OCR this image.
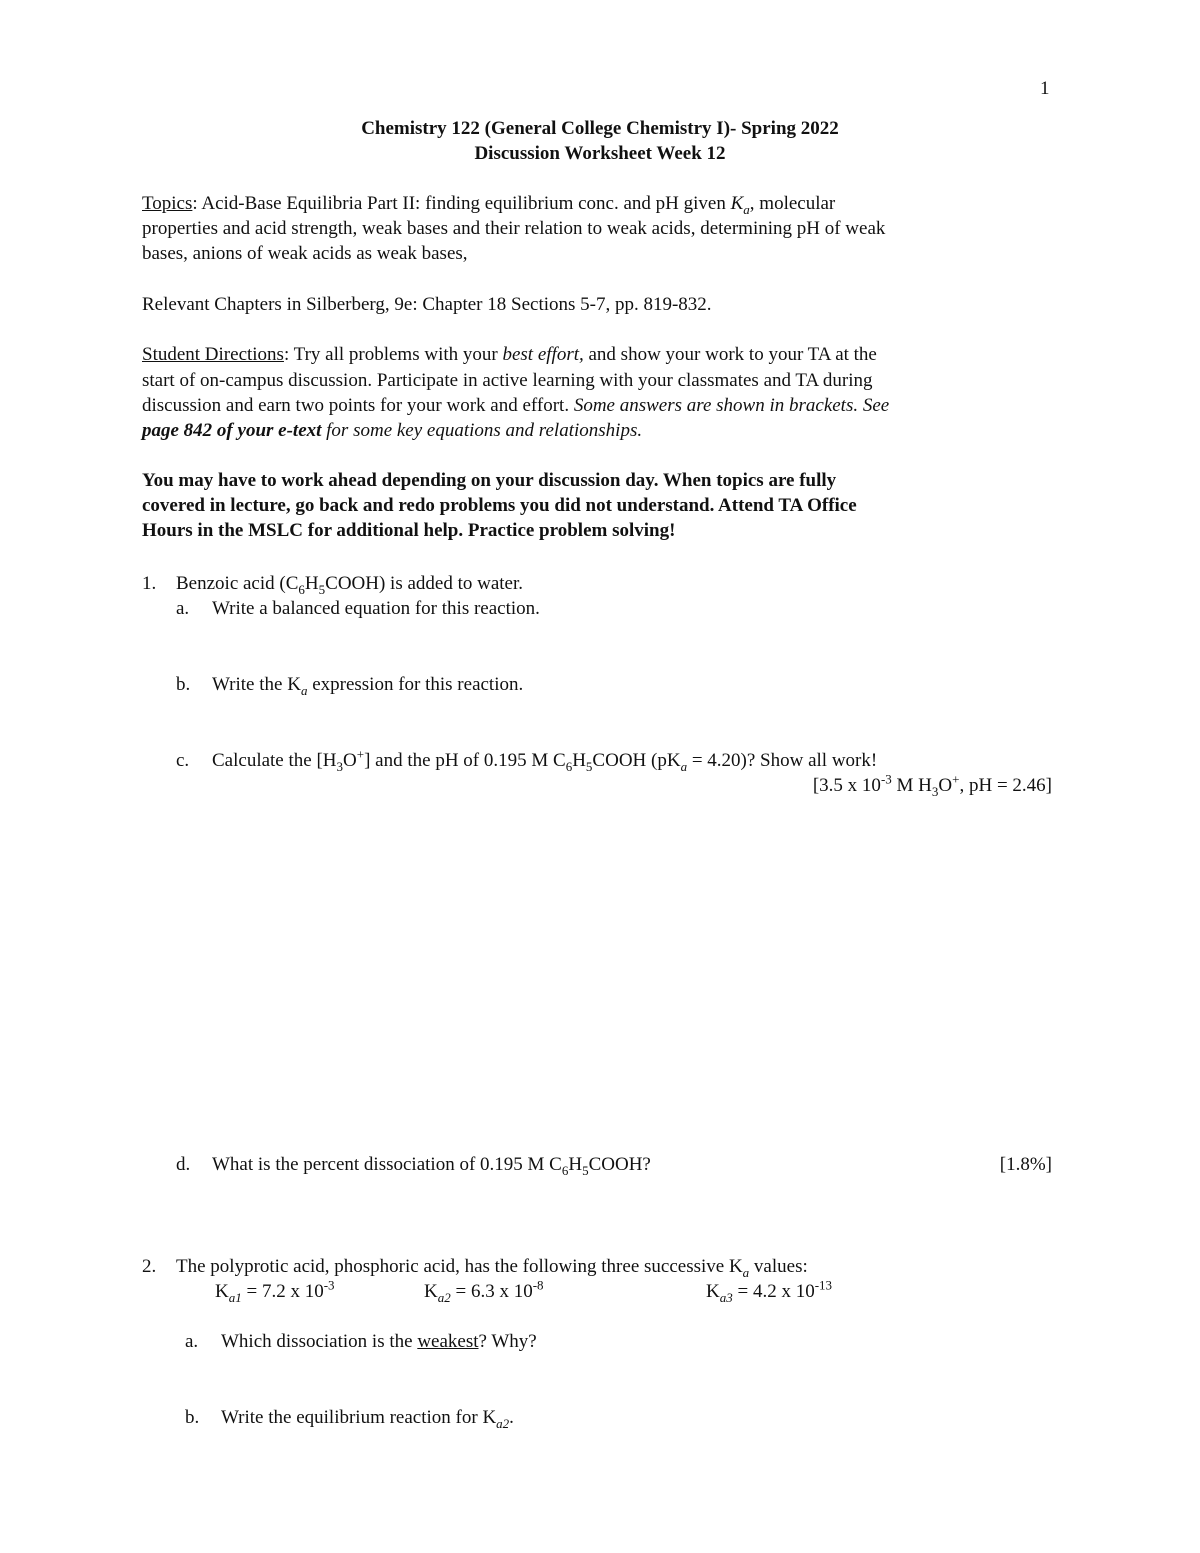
1
Chemistry 122 (General College Chemistry I)- Spring 2022
Discussion Worksheet Week 12
Topics: Acid-Base Equilibria Part II: finding equilibrium conc. and pH given $K_a$, molecular
properties and acid strength, weak bases and their relation to weak acids, determining pH of weak
bases, anions of weak acids as weak bases,
Relevant Chapters in Silberberg, 9e: Chapter 18 Sections 5-7, pp. 819-832.
Student Directions: Try all problems with your best effort, and show your work to your TA at the
start of on-campus discussion. Participate in active learning with your classmates and TA during
discussion and earn two points for your work and effort. Some answers are shown in brackets. See
page 842 of your e-text for some key equations and relationships.
You may have to work ahead depending on your discussion day. When topics are fully
covered in lecture, go back and redo problems you did not understand. Attend TA Office
Hours in the MSLC for additional help. Practice problem solving!
1. Benzoic acid $(C_6H_5COOH)$ is added to water.
a. Write a balanced equation for this reaction.
b. Write the $K_a$ expression for this reaction.
c. Calculate the $[H_3O^+]$ and the pH of 0.195 M $C_6H_5COOH$ $(pK_a = 4.20)$? Show all work!
[3.5 x $10^{-3}$ M $H_3O^+$, pH = 2.46]
d. What is the percent dissociation of 0.195 M $C_6H_5COOH$?	[1.8%]
2. The polyprotic acid, phosphoric acid, has the following three successive $K_a$ values:
$K_{a1} = 7.2$ x $10^{-3}$	$K_{a2} = 6.3$ x $10^{-8}$	$K_{a3} = 4.2$ x $10^{-13}$
a. Which dissociation is the weakest? Why?
b. Write the equilibrium reaction for $K_{a2}$.
